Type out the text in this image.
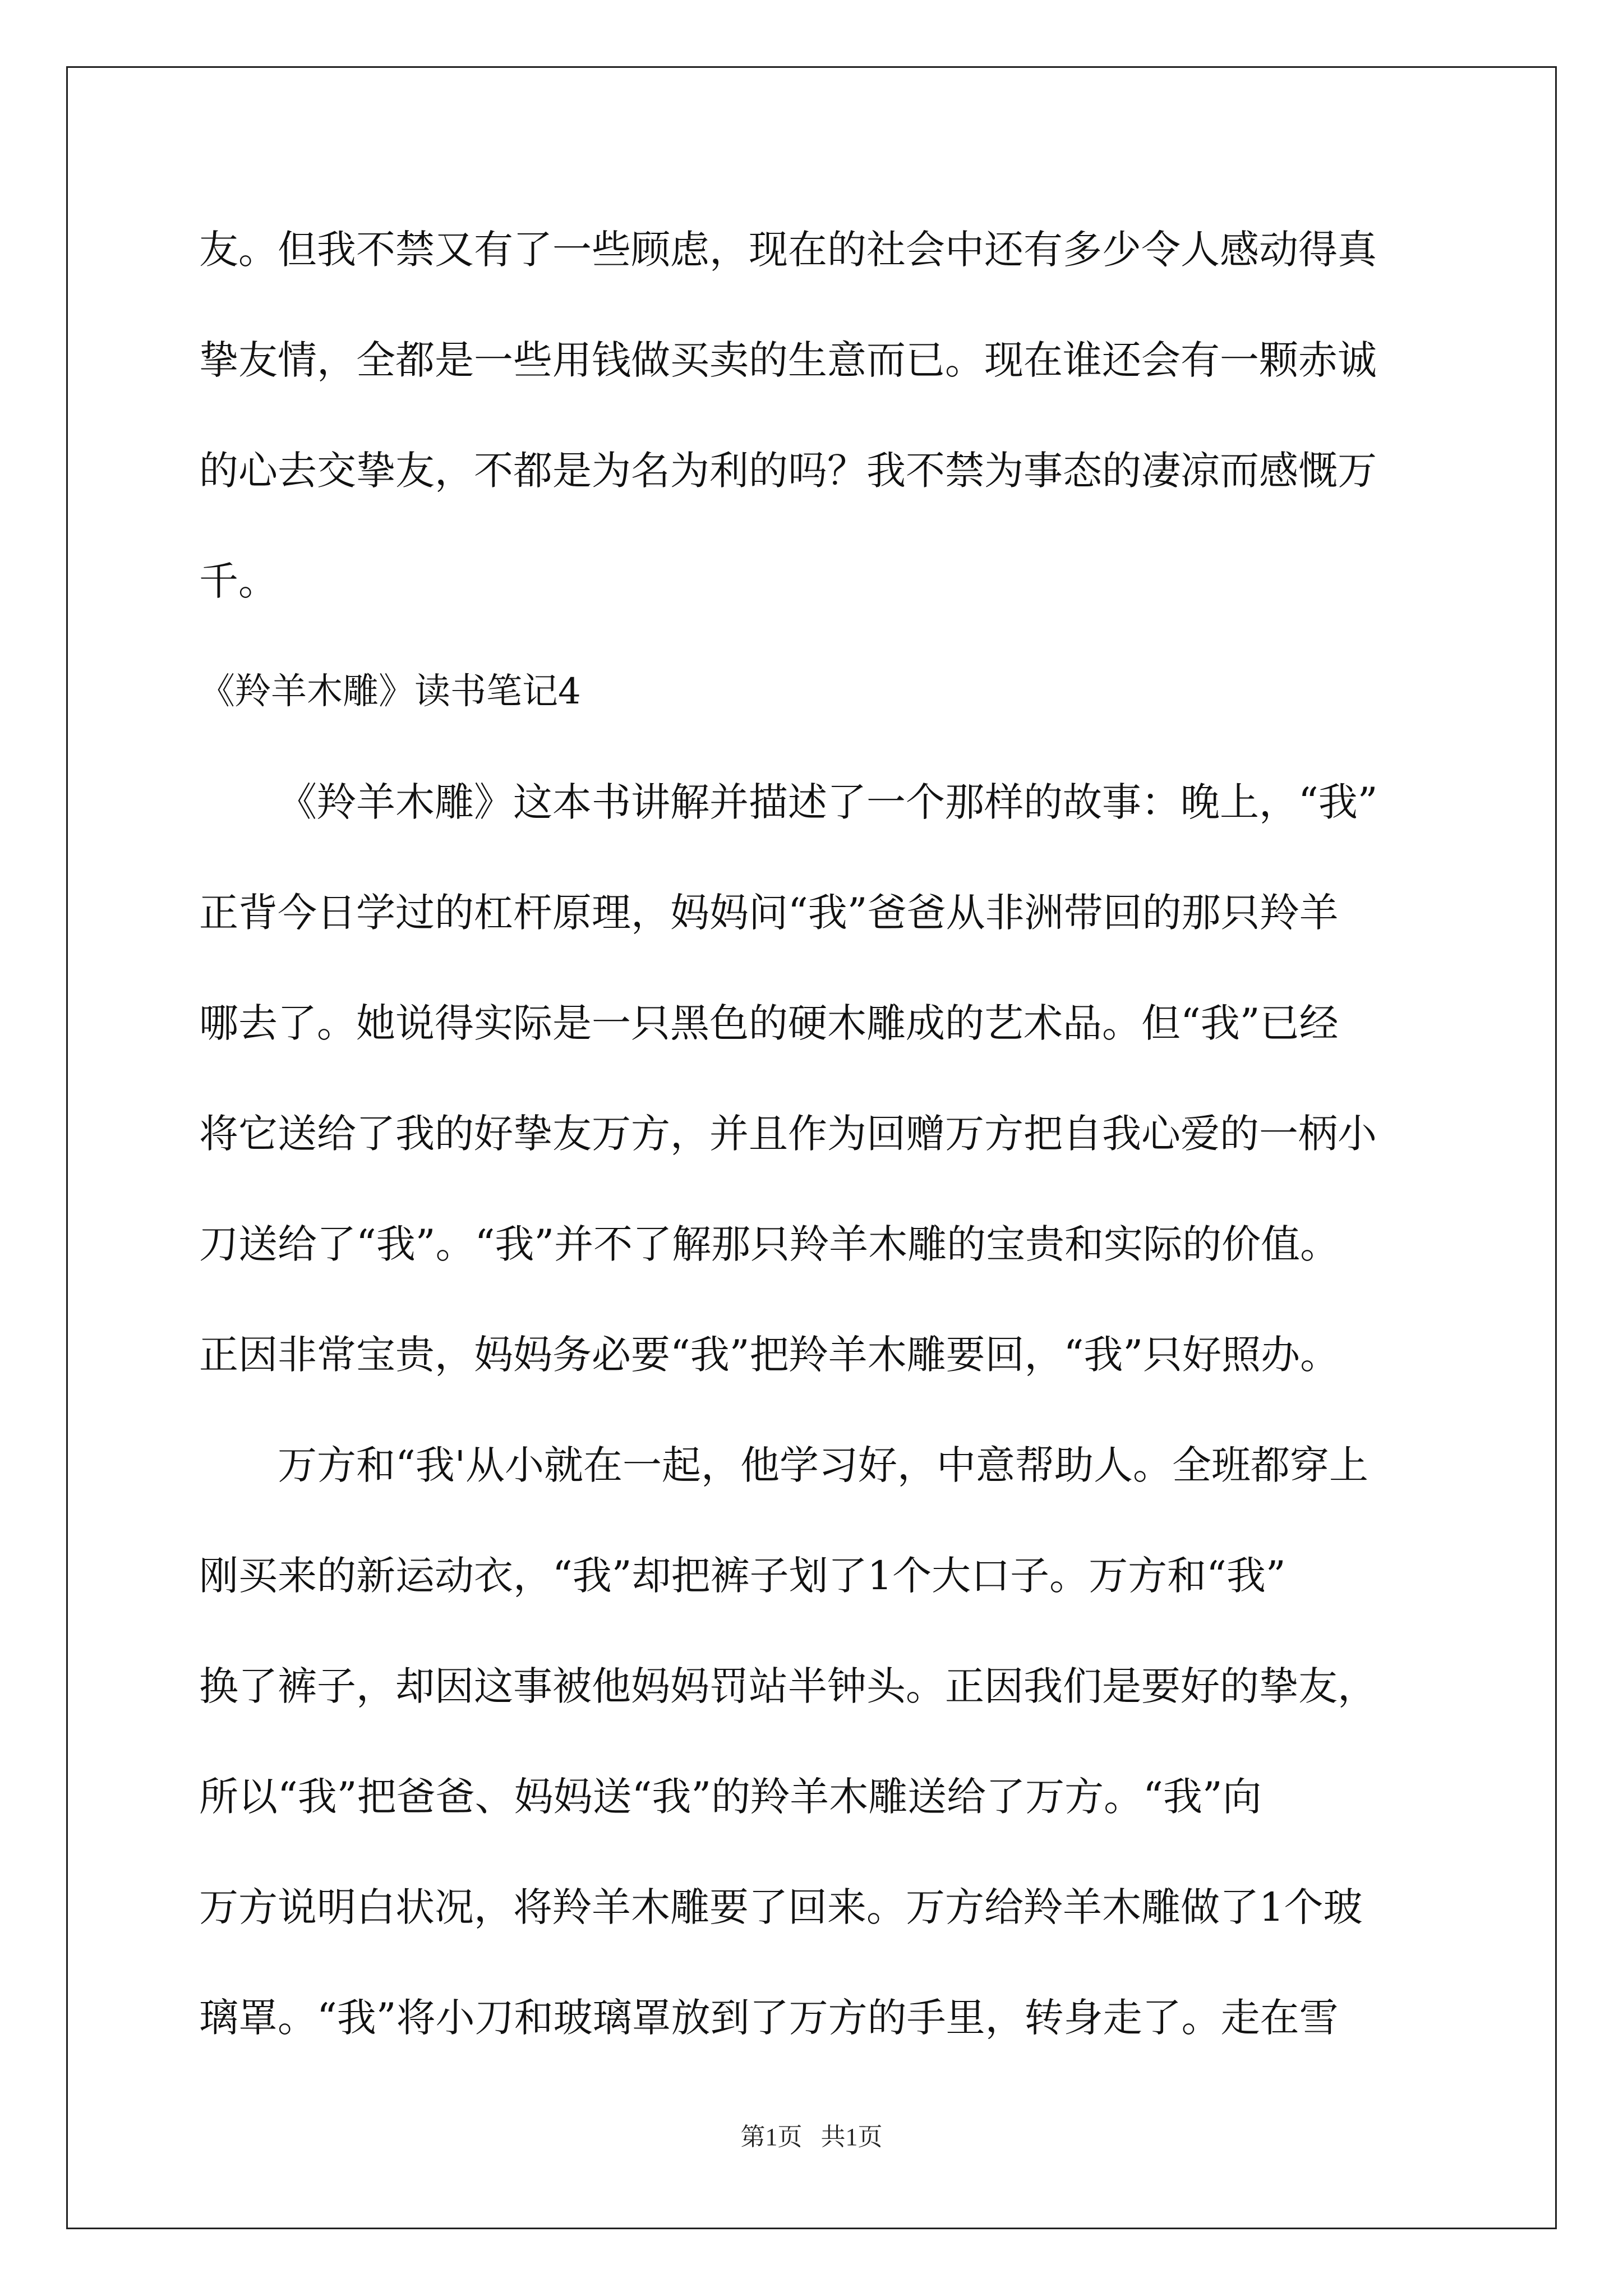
友。但我不禁又有了一些顾虑，现在的社会中还有多少令人感动得真
挚友情，全都是一些用钱做买卖的生意而已。现在谁还会有一颗赤诚
的心去交挚友，不都是为名为利的吗？我不禁为事态的凄凉而感慨万
千。
《羚羊木雕》读书笔记4
《羚羊木雕》这本书讲解并描述了一个那样的故事：晚上，“我”
正背今日学过的杠杆原理，妈妈问“我”爸爸从非洲带回的那只羚羊
哪去了。她说得实际是一只黑色的硬木雕成的艺术品。但“我”已经
将它送给了我的好挚友万方，并且作为回赠万方把自我心爱的一柄小
刀送给了“我”。“我”并不了解那只羚羊木雕的宝贵和实际的价值。
正因非常宝贵，妈妈务必要“我”把羚羊木雕要回，“我”只好照办。
万方和“我'从小就在一起，他学习好，中意帮助人。全班都穿上
刚买来的新运动衣，“我”却把裤子划了1个大口子。万方和“我”
换了裤子，却因这事被他妈妈罚站半钟头。正因我们是要好的挚友，
所以“我”把爸爸、妈妈送“我”的羚羊木雕送给了万方。“我”向
万方说明白状况，将羚羊木雕要了回来。万方给羚羊木雕做了1个玻
璃罩。“我”将小刀和玻璃罩放到了万方的手里，转身走了。走在雪
第1页   共1页
